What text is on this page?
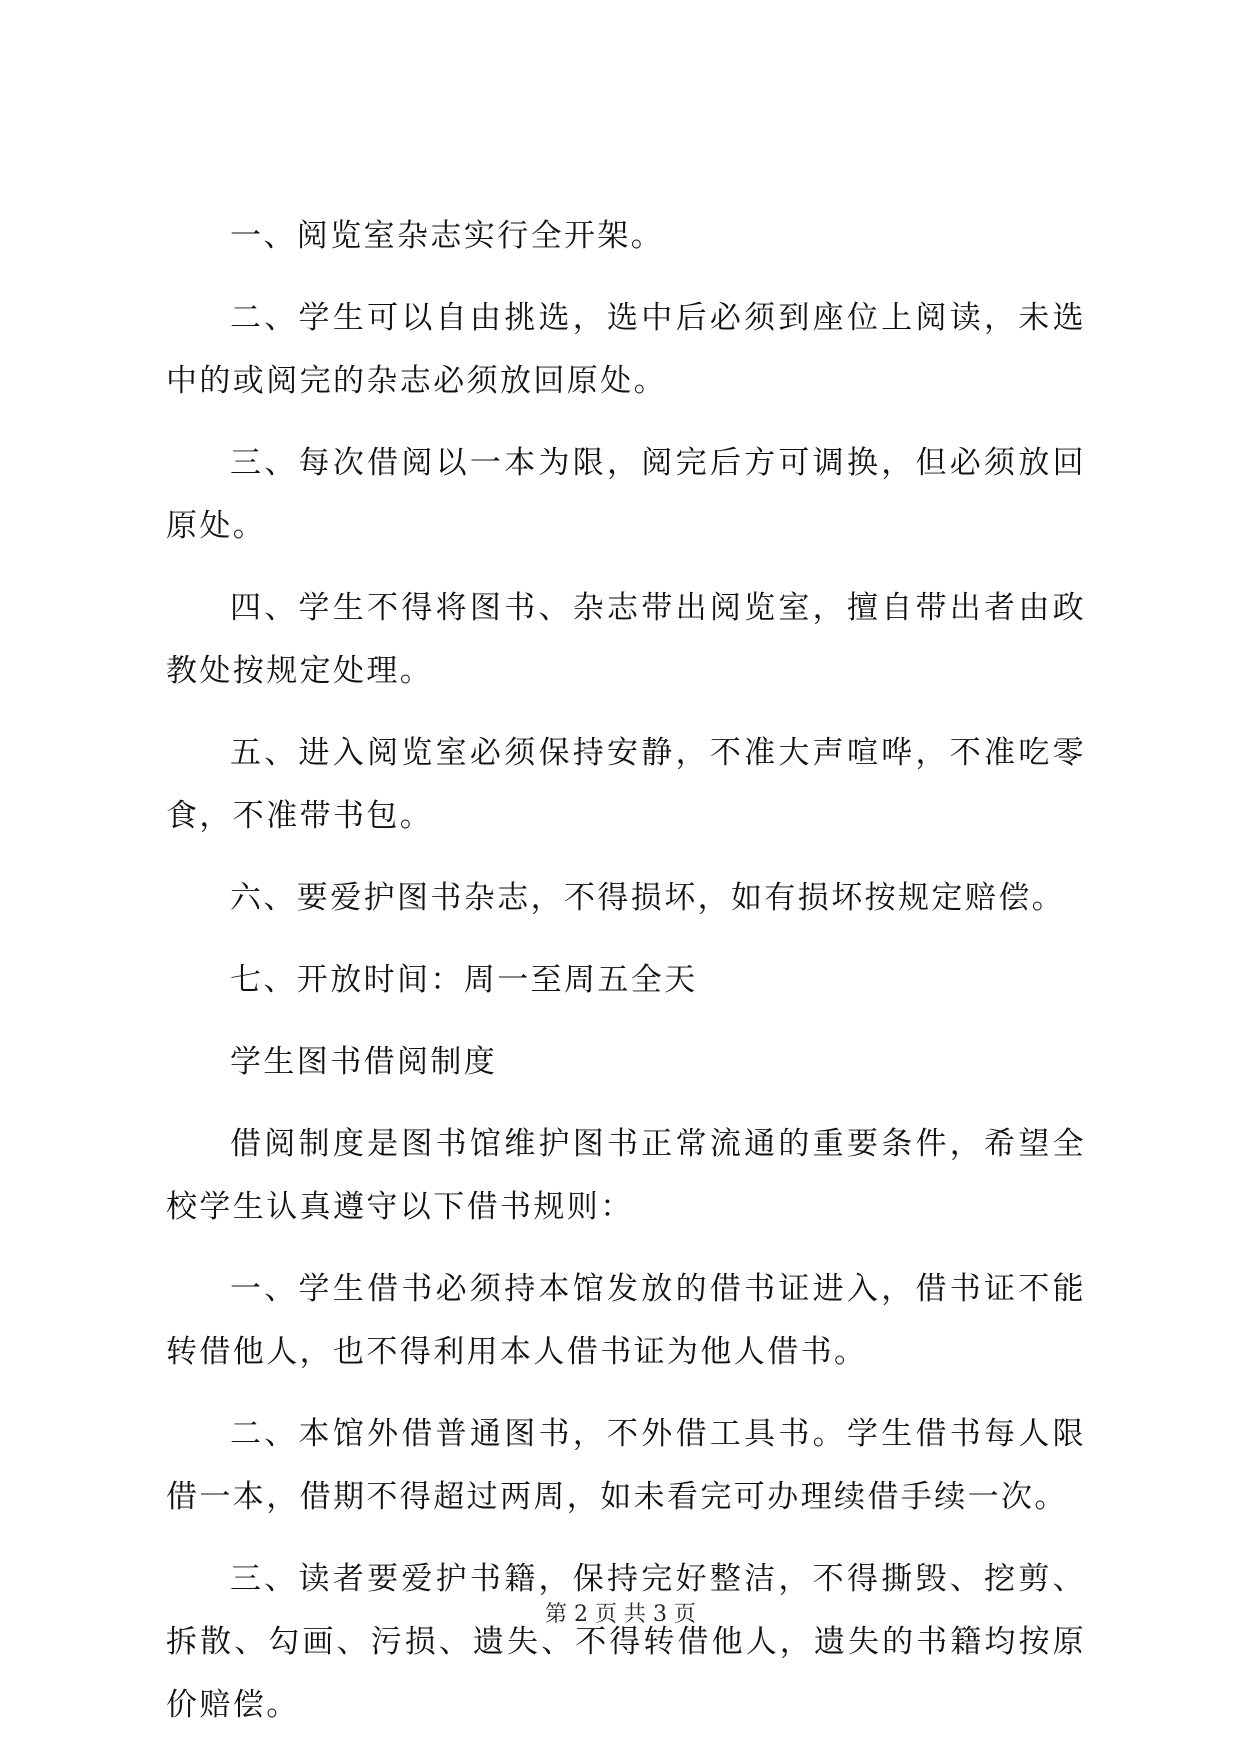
一、阅览室杂志实行全开架。

二、学生可以自由挑选，选中后必须到座位上阅读，未选中的或阅完的杂志必须放回原处。

三、每次借阅以一本为限，阅完后方可调换，但必须放回原处。

四、学生不得将图书、杂志带出阅览室，擅自带出者由政教处按规定处理。

五、进入阅览室必须保持安静，不准大声喧哗，不准吃零食，不准带书包。

六、要爱护图书杂志，不得损坏，如有损坏按规定赔偿。

七、开放时间：周一至周五全天

学生图书借阅制度

借阅制度是图书馆维护图书正常流通的重要条件，希望全校学生认真遵守以下借书规则：

一、学生借书必须持本馆发放的借书证进入，借书证不能转借他人，也不得利用本人借书证为他人借书。

二、本馆外借普通图书，不外借工具书。学生借书每人限借一本，借期不得超过两周，如未看完可办理续借手续一次。

三、读者要爱护书籍，保持完好整洁，不得撕毁、挖剪、拆散、勾画、污损、遗失、不得转借他人，遗失的书籍均按原价赔偿。

第 2 页 共 3 页
